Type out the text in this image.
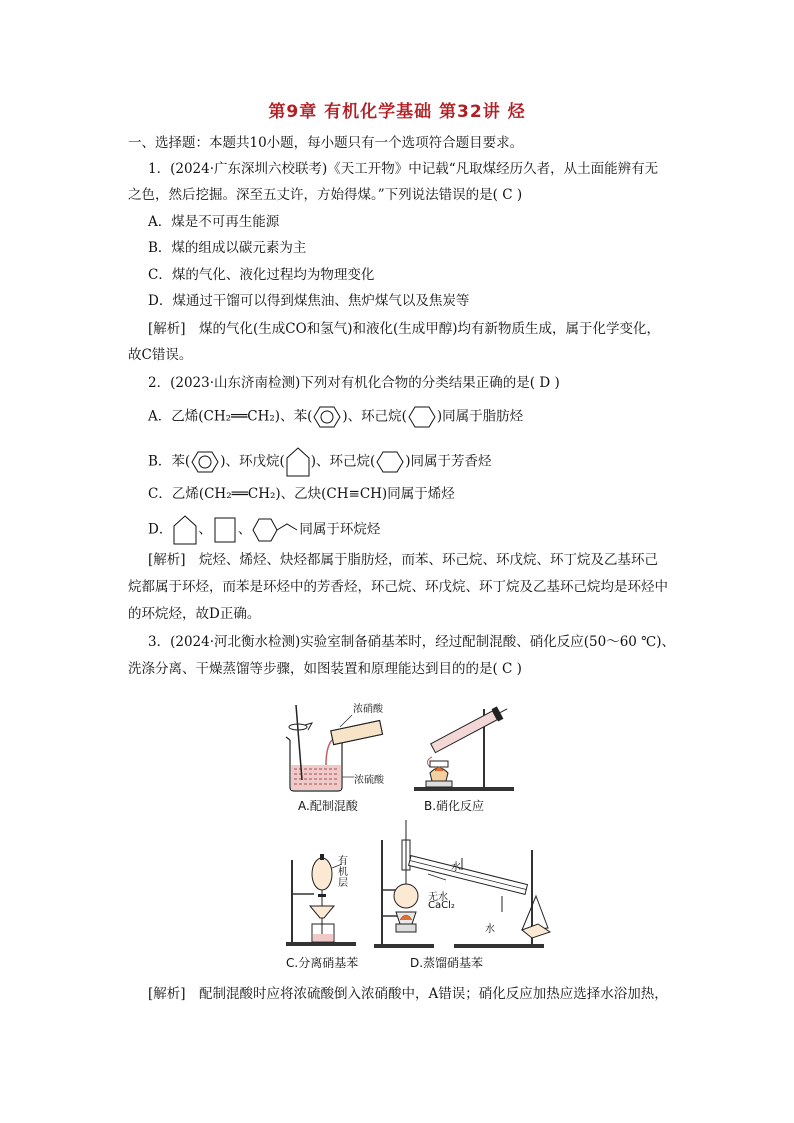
第9章 有机化学基础 第32讲 烃
一、选择题：本题共10小题，每小题只有一个选项符合题目要求。
1．(2024·广东深圳六校联考)《天工开物》中记载“凡取煤经历久者，从土面能辨有无
之色，然后挖掘。深至五丈许，方始得煤。”下列说法错误的是( C )
A．煤是不可再生能源
B．煤的组成以碳元素为主
C．煤的气化、液化过程均为物理变化
D．煤通过干馏可以得到煤焦油、焦炉煤气以及焦炭等
[解析]　煤的气化(生成CO和氢气)和液化(生成甲醇)均有新物质生成，属于化学变化，
故C错误。
2．(2023·山东济南检测)下列对有机化合物的分类结果正确的是( D )
A．乙烯(CH₂══CH₂)、苯( )、环己烷( )同属于脂肪烃
B．苯( )、环戊烷( )、环己烷( )同属于芳香烃
C．乙烯(CH₂══CH₂)、乙炔(CH≡CH)同属于烯烃
D． 、 、	同属于环烷烃
[解析]　烷烃、烯烃、炔烃都属于脂肪烃，而苯、环己烷、环戊烷、环丁烷及乙基环己
烷都属于环烃，而苯是环烃中的芳香烃，环己烷、环戊烷、环丁烷及乙基环己烷均是环烃中
的环烷烃，故D正确。
3．(2024·河北衡水检测)实验室制备硝基苯时，经过配制混酸、硝化反应(50～60 ℃)、
洗涤分离、干燥蒸馏等步骤，如图装置和原理能达到目的的是( C )
浓硝酸
浓硫酸
A.配制混酸	B.硝化反应
有
机
层
C.分离硝基苯
水
水
无水
CaCl₂
D.蒸馏硝基苯
[解析]　配制混酸时应将浓硫酸倒入浓硝酸中，A错误；硝化反应加热应选择水浴加热，
